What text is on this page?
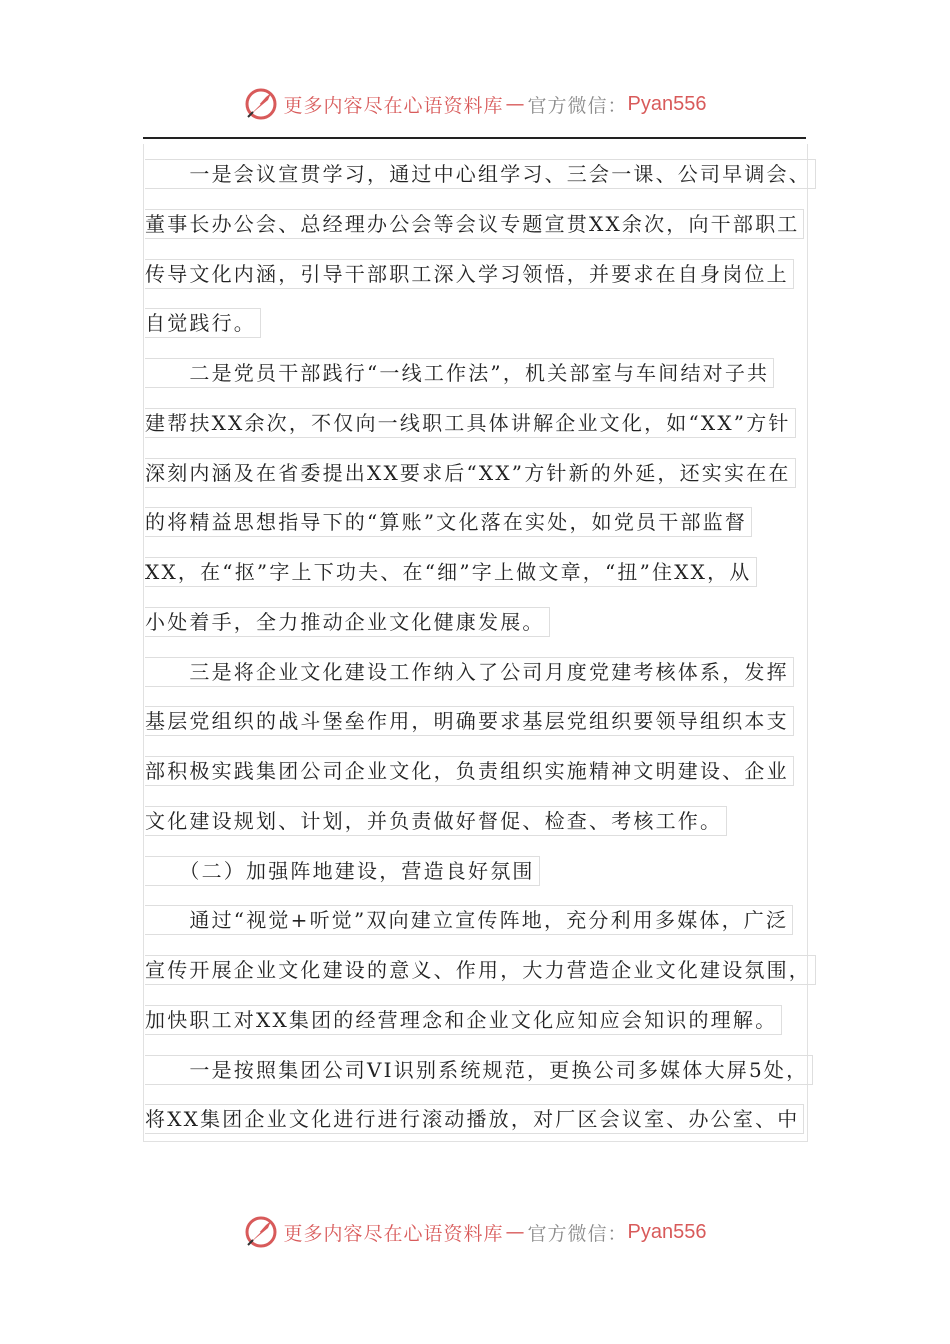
更多内容尽在心语资料库 — 官方微信： Pyan556
　　一是会议宣贯学习，通过中心组学习、三会一课、公司早调会、
董事长办公会、总经理办公会等会议专题宣贯XX余次，向干部职工
传导文化内涵，引导干部职工深入学习领悟，并要求在自身岗位上
自觉践行。
　　二是党员干部践行“一线工作法”，机关部室与车间结对子共
建帮扶XX余次，不仅向一线职工具体讲解企业文化，如“XX”方针
深刻内涵及在省委提出XX要求后“XX”方针新的外延，还实实在在
的将精益思想指导下的“算账”文化落在实处，如党员干部监督
XX，在“抠”字上下功夫、在“细”字上做文章，“扭”住XX，从
小处着手，全力推动企业文化健康发展。
　　三是将企业文化建设工作纳入了公司月度党建考核体系，发挥
基层党组织的战斗堡垒作用，明确要求基层党组织要领导组织本支
部积极实践集团公司企业文化，负责组织实施精神文明建设、企业
文化建设规划、计划，并负责做好督促、检查、考核工作。
　　（二）加强阵地建设，营造良好氛围
　　通过“视觉+听觉”双向建立宣传阵地，充分利用多媒体，广泛
宣传开展企业文化建设的意义、作用，大力营造企业文化建设氛围，
加快职工对XX集团的经营理念和企业文化应知应会知识的理解。
　　一是按照集团公司VI识别系统规范，更换公司多媒体大屏5处，
将XX集团企业文化进行进行滚动播放，对厂区会议室、办公室、中
更多内容尽在心语资料库 — 官方微信： Pyan556
